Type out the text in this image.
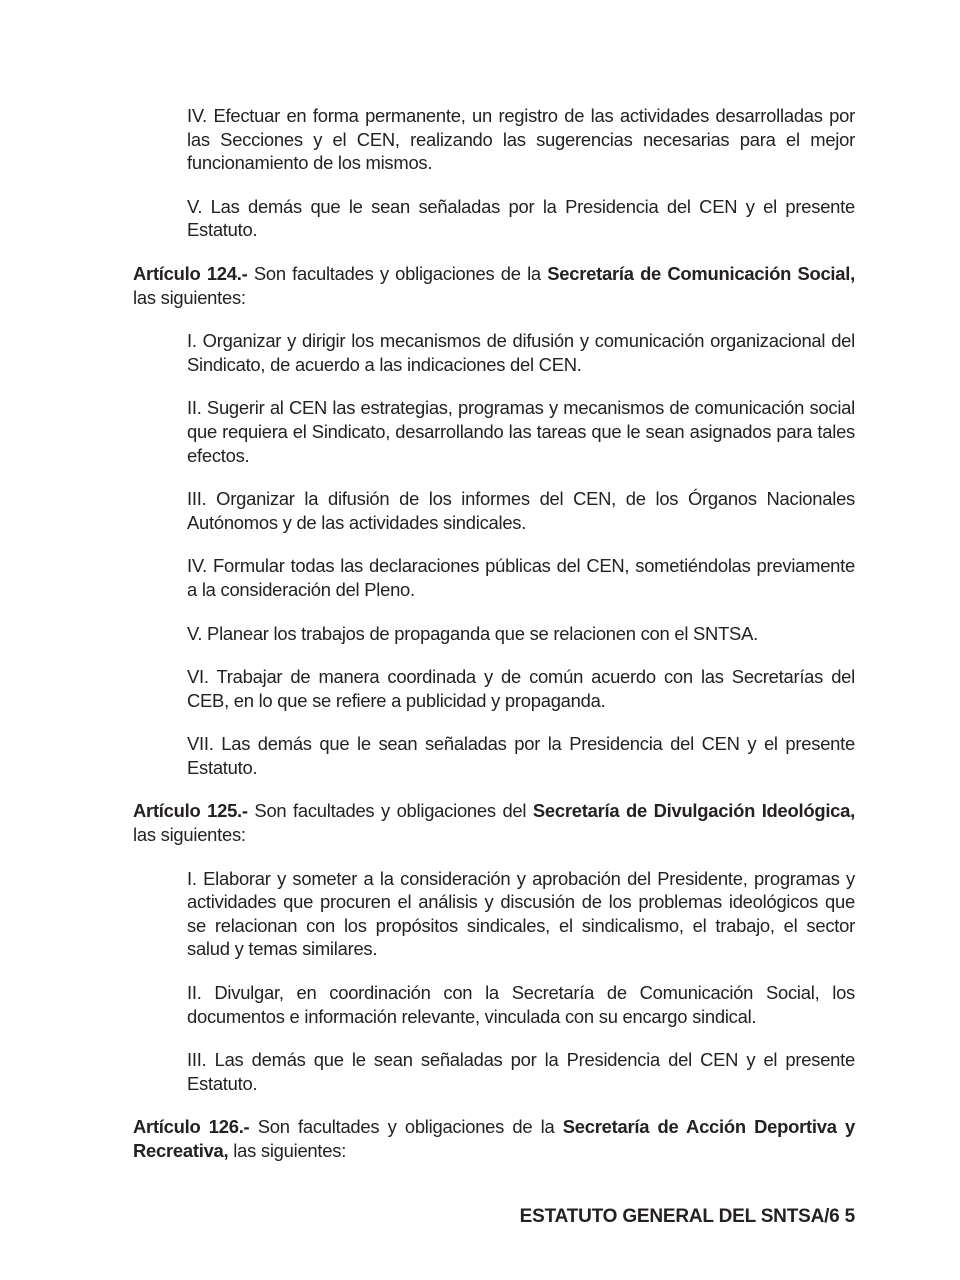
IV. Efectuar en forma permanente, un registro de las actividades desarrolladas por las Secciones y el CEN, realizando las sugerencias necesarias para el mejor funcionamiento de los mismos.
V. Las demás que le sean señaladas por la Presidencia del CEN y el presente Estatuto.
Artículo 124.- Son facultades y obligaciones de la Secretaría de Comunicación Social, las siguientes:
I. Organizar y dirigir los mecanismos de difusión y comunicación organizacional del Sindicato, de acuerdo a las indicaciones del CEN.
II. Sugerir al CEN las estrategias, programas y mecanismos de comunicación social que requiera el Sindicato, desarrollando las tareas que le sean asignados para tales efectos.
III. Organizar la difusión de los informes del CEN, de los Órganos Nacionales Autónomos y de las actividades sindicales.
IV. Formular todas las declaraciones públicas del CEN, sometiéndolas previamente a la consideración del Pleno.
V. Planear los trabajos de propaganda que se relacionen con el SNTSA.
VI. Trabajar de manera coordinada y de común acuerdo con las Secretarías del CEB, en lo que se refiere a publicidad y propaganda.
VII. Las demás que le sean señaladas por la Presidencia del CEN y el presente Estatuto.
Artículo 125.- Son facultades y obligaciones del Secretaría de Divulgación Ideológica, las siguientes:
I. Elaborar y someter a la consideración y aprobación del Presidente, programas y actividades que procuren el análisis y discusión de los problemas ideológicos que se relacionan con los propósitos sindicales, el sindicalismo, el trabajo, el sector salud y temas similares.
II. Divulgar, en coordinación con la Secretaría de Comunicación Social, los documentos e información relevante, vinculada con su encargo sindical.
III. Las demás que le sean señaladas por la Presidencia del CEN y el presente Estatuto.
Artículo 126.- Son facultades y obligaciones de la Secretaría de Acción Deportiva y Recreativa, las siguientes:
ESTATUTO GENERAL DEL SNTSA/6 5
